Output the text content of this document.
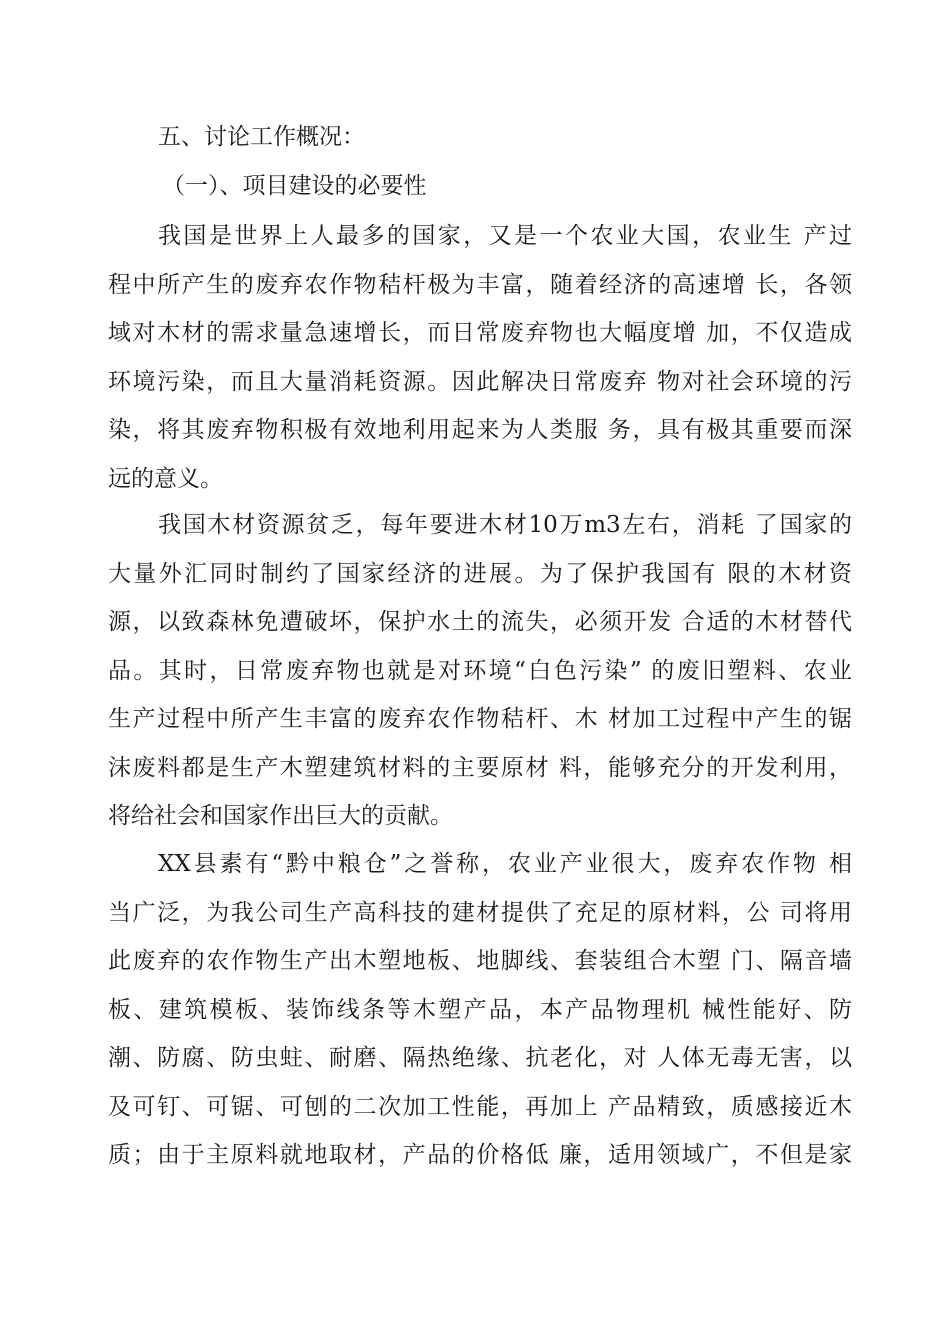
五、讨论工作概况：

（一）、项目建设的必要性

我国是世界上人最多的国家，又是一个农业大国，农业生 产过
程中所产生的废弃农作物秸杆极为丰富，随着经济的高速增 长，各领
域对木材的需求量急速增长，而日常废弃物也大幅度增 加，不仅造成
环境污染，而且大量消耗资源。因此解决日常废弃 物对社会环境的污
染，将其废弃物积极有效地利用起来为人类服 务，具有极其重要而深
远的意义。
我国木材资源贫乏，每年要进木材10万m3左右，消耗 了国家的
大量外汇同时制约了国家经济的进展。为了保护我国有 限的木材资
源，以致森林免遭破坏，保护水土的流失，必须开发 合适的木材替代
品。其时，日常废弃物也就是对环境“白色污染” 的废旧塑料、农业
生产过程中所产生丰富的废弃农作物秸杆、木 材加工过程中产生的锯
沫废料都是生产木塑建筑材料的主要原材 料，能够充分的开发利用，
将给社会和国家作出巨大的贡献。
XX县素有“黔中粮仓”之誉称，农业产业很大，废弃农作物 相
当广泛，为我公司生产高科技的建材提供了充足的原材料，公 司将用
此废弃的农作物生产出木塑地板、地脚线、套装组合木塑 门、隔音墙
板、建筑模板、装饰线条等木塑产品，本产品物理机 械性能好、防
潮、防腐、防虫蛀、耐磨、隔热绝缘、抗老化，对 人体无毒无害，以
及可钉、可锯、可刨的二次加工性能，再加上 产品精致，质感接近木
质；由于主原料就地取材，产品的价格低 廉，适用领域广，不但是家
